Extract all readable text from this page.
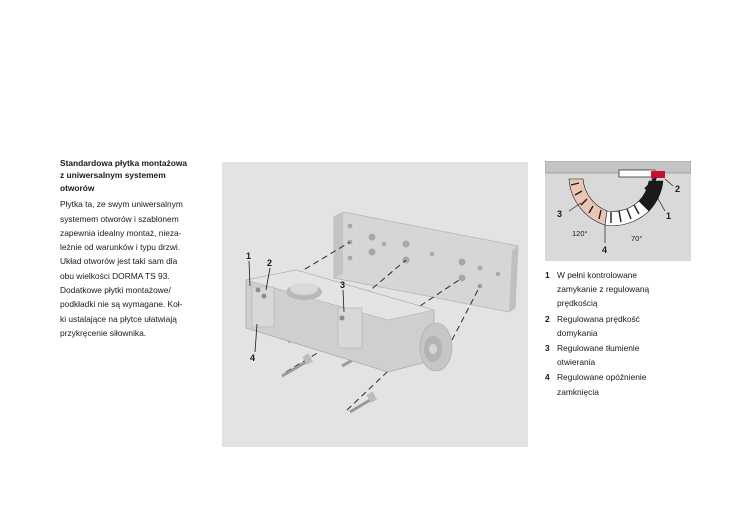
Standardowa płytka montażowa
z uniwersalnym systemem
otworów
Płytka ta, ze swym uniwersalnym
systemem otworów i szablonem
zapewnia idealny montaż, nieza-
leżnie od warunków i typu drzwi.
Układ otworów jest taki sam dla
obu wielkości DORMA TS 93.
Dodatkowe płytki montażowe/
podkładki nie są wymagane. Koł-
ki ustalające na płytce ułatwiają
przykręcenie siłownika.
1
2
3
4
3
4
1
2
120°
70°
1 W pełni kontrolowane
zamykanie z regulowaną
prędkością
2 Regulowana prędkość
domykania
3 Regulowane tłumienie
otwierania
4 Regulowane opóźnienie
zamknięcia
